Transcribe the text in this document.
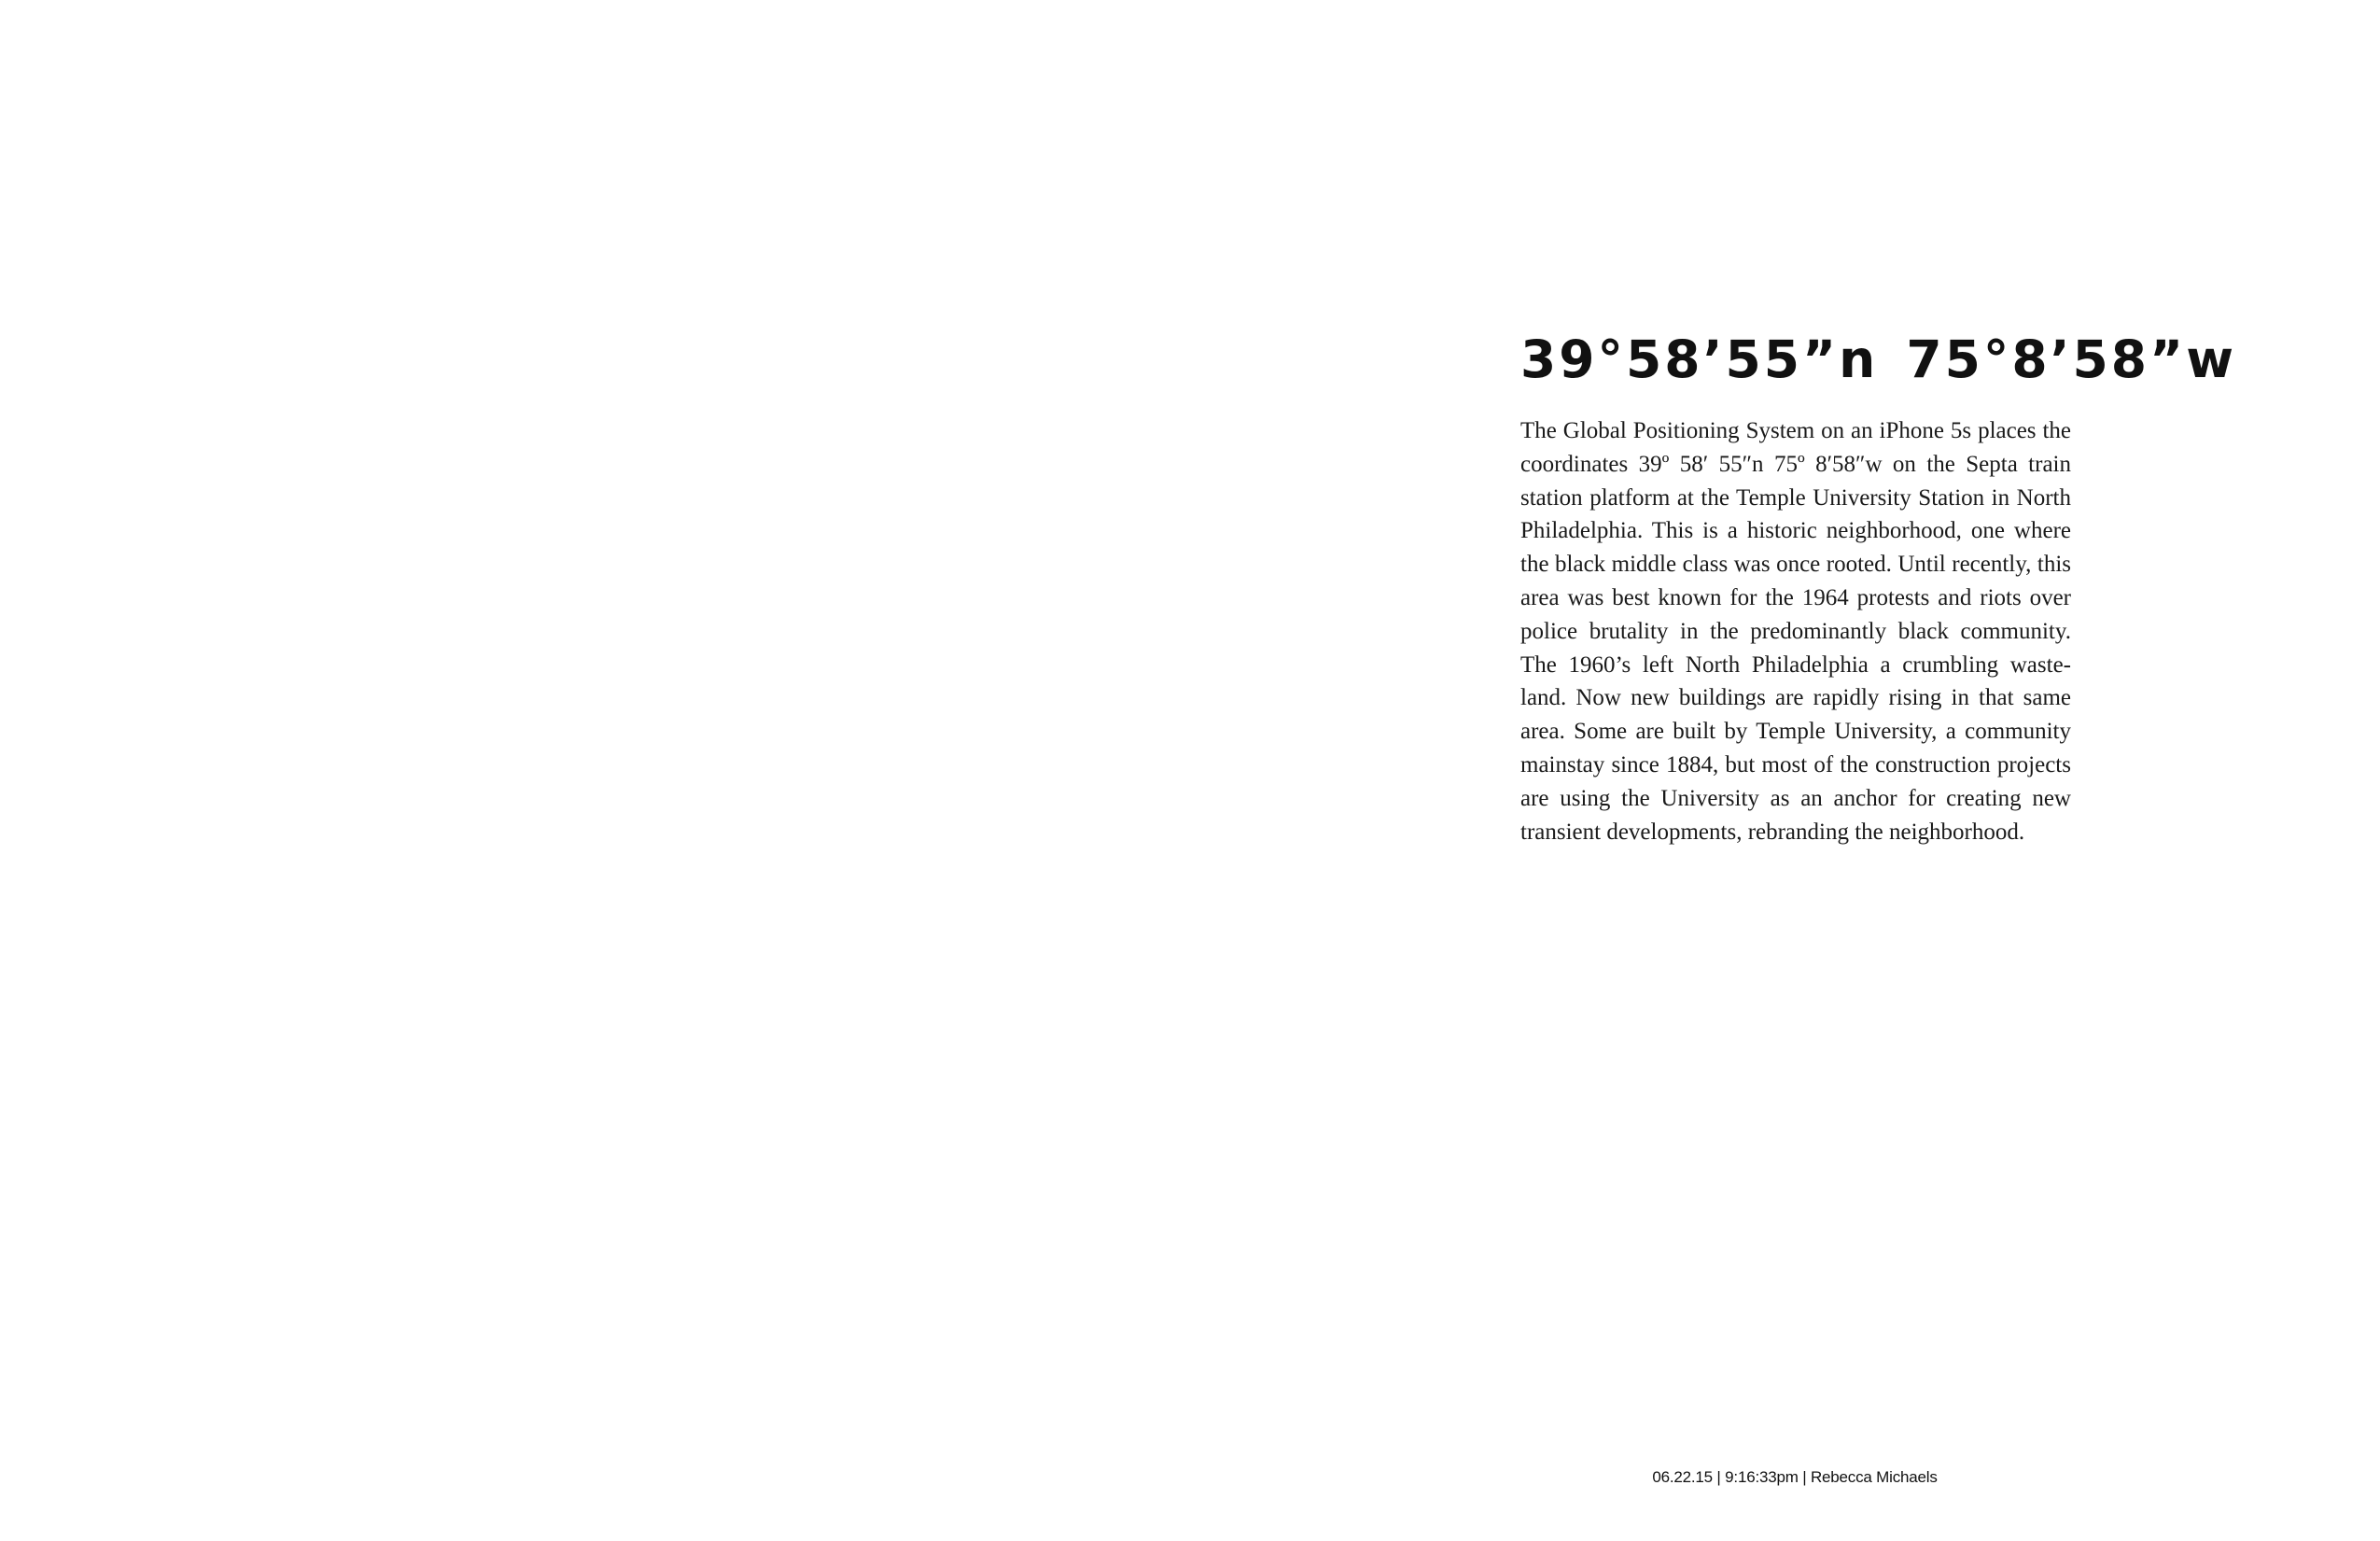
39°58’55”n 75°8’58”w

The Global Positioning System on an iPhone 5s places the coordinates 39º 58′ 55″n 75º 8′58″w on the Septa train station platform at the Temple University Station in North Philadelphia. This is a historic neighborhood, one where the black middle class was once rooted. Until recently, this area was best known for the 1964 protests and riots over police brutality in the predominantly black community. The 1960’s left North Philadelphia a crumbling waste-land. Now new buildings are rapidly rising in that same area. Some are built by Temple University, a community mainstay since 1884, but most of the construction projects are using the University as an anchor for creating new transient developments, rebranding the neighborhood.

06.22.15 | 9:16:33pm | Rebecca Michaels
